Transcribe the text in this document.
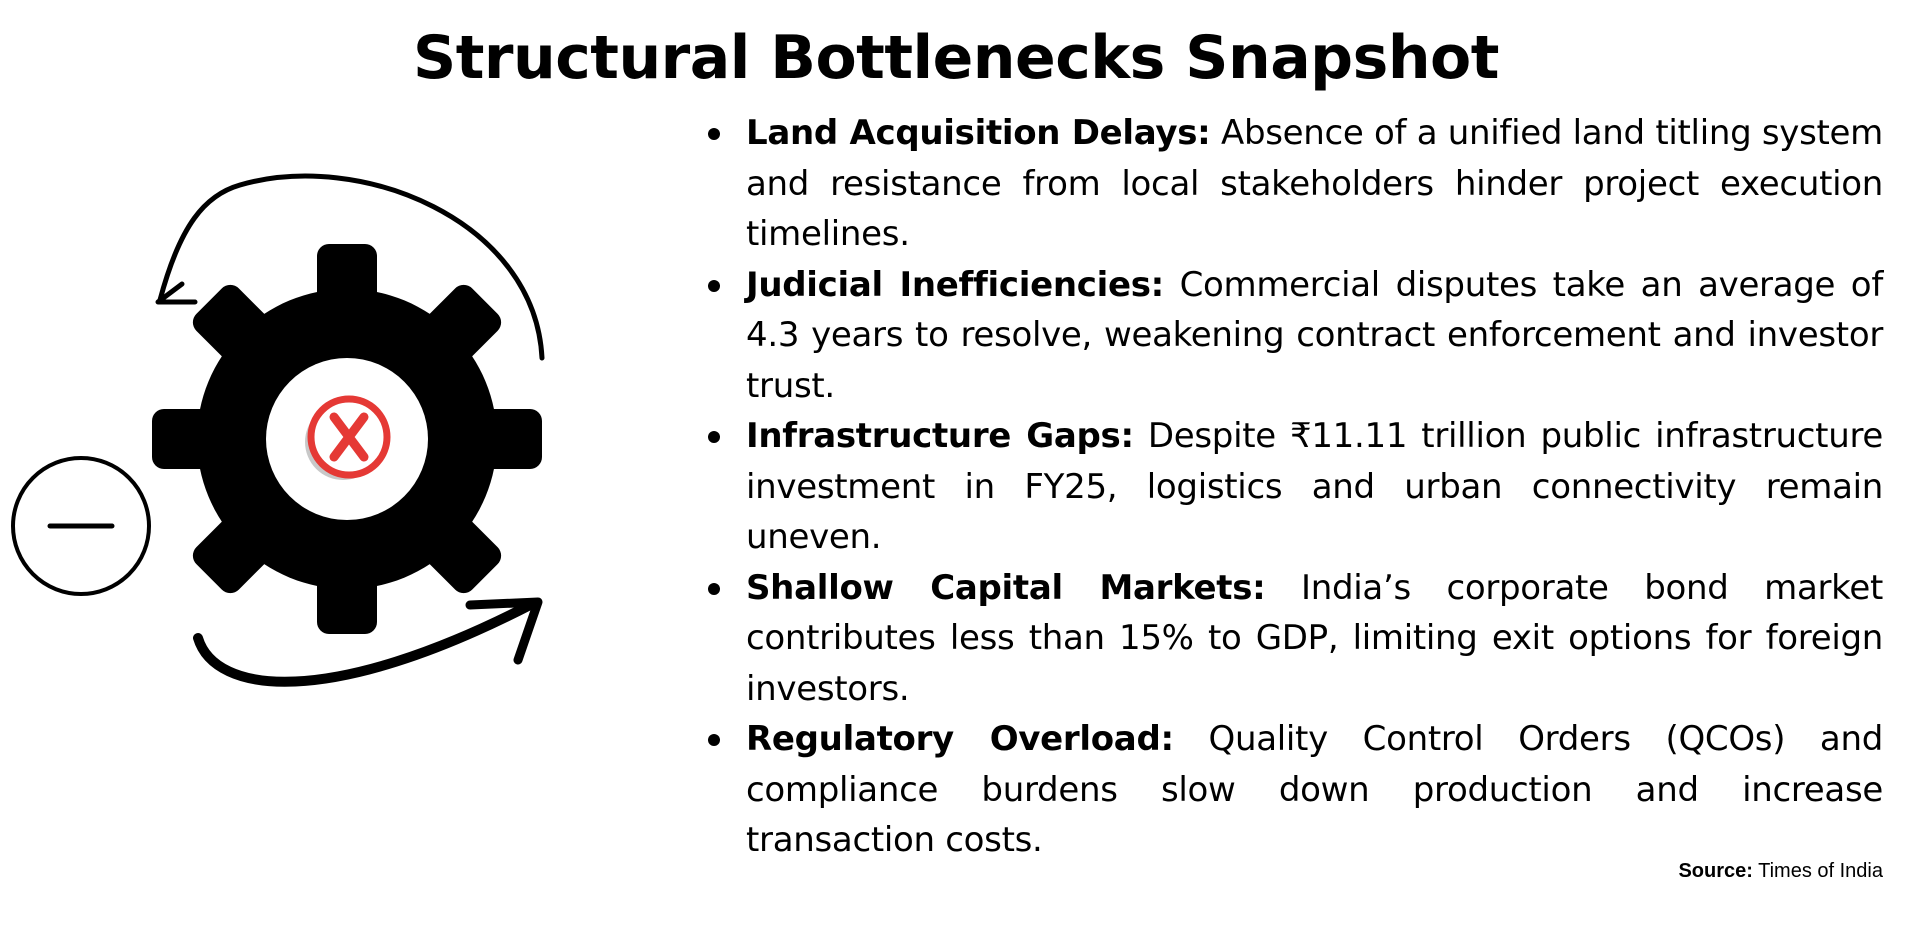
Structural Bottlenecks Snapshot
Land Acquisition Delays: Absence of a unified land titling system and resistance from local stakeholders hinder project execution timelines.
Judicial Inefficiencies: Commercial disputes take an average of 4.3 years to resolve, weakening contract enforcement and investor trust.
Infrastructure Gaps: Despite ₹11.11 trillion public infrastructure investment in FY25, logistics and urban connectivity remain uneven.
Shallow Capital Markets: India’s corporate bond market contributes less than 15% to GDP, limiting exit options for foreign investors.
Regulatory Overload: Quality Control Orders (QCOs) and compliance burdens slow down production and increase transaction costs.
Source: Times of India
